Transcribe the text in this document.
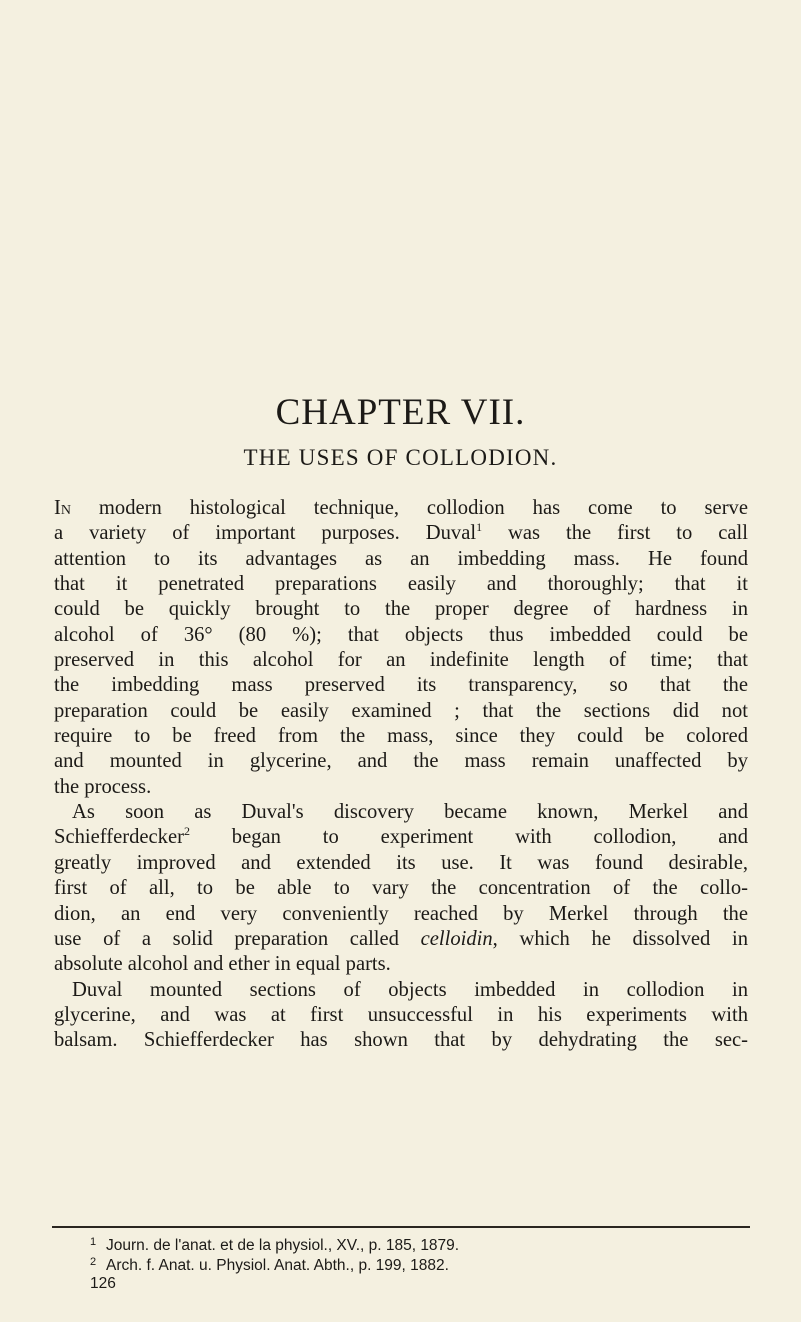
CHAPTER VII.
THE USES OF COLLODION.
In modern histological technique, collodion has come to serve
a variety of important purposes. Duval$^1$ was the first to call
attention to its advantages as an imbedding mass. He found
that it penetrated preparations easily and thoroughly; that it
could be quickly brought to the proper degree of hardness in
alcohol of 36° (80 %); that objects thus imbedded could be
preserved in this alcohol for an indefinite length of time; that
the imbedding mass preserved its transparency, so that the
preparation could be easily examined ; that the sections did not
require to be freed from the mass, since they could be colored
and mounted in glycerine, and the mass remain unaffected by
the process.
As soon as Duval's discovery became known, Merkel and
Schiefferdecker$^2$ began to experiment with collodion, and
greatly improved and extended its use. It was found desirable,
first of all, to be able to vary the concentration of the collo-
dion, an end very conveniently reached by Merkel through the
use of a solid preparation called celloidin, which he dissolved in
absolute alcohol and ether in equal parts.
Duval mounted sections of objects imbedded in collodion in
glycerine, and was at first unsuccessful in his experiments with
balsam. Schiefferdecker has shown that by dehydrating the sec-
1 Journ. de l'anat. et de la physiol., XV., p. 185, 1879.
2 Arch. f. Anat. u. Physiol. Anat. Abth., p. 199, 1882.
126
